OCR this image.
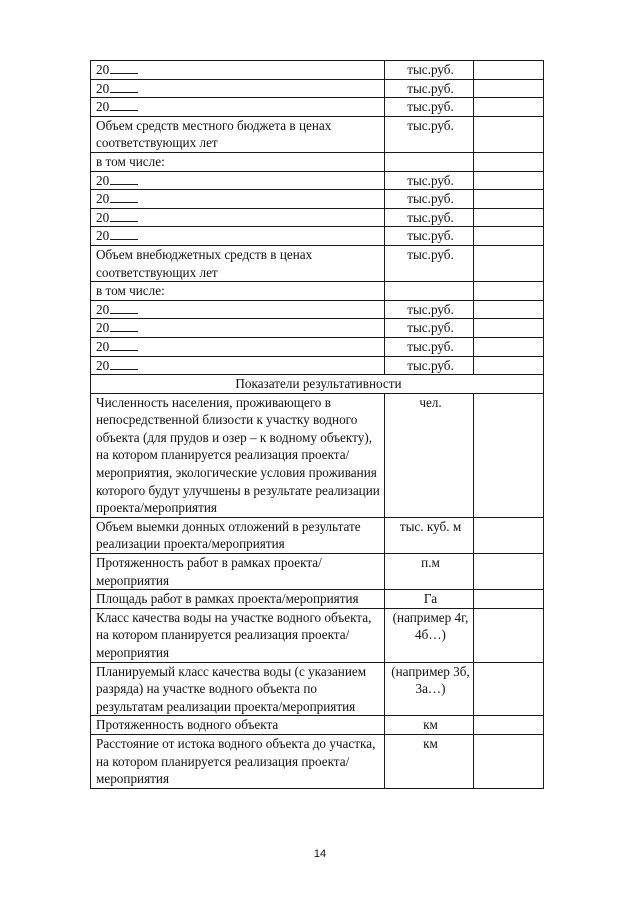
20	тыс.руб.	
20	тыс.руб.	
20	тыс.руб.	
Объем средств местного бюджета в ценах соответствующих лет	тыс.руб.	
в том числе:		
20	тыс.руб.	
20	тыс.руб.	
20	тыс.руб.	
20	тыс.руб.	
Объем внебюджетных средств в ценах соответствующих лет	тыс.руб.	
в том числе:		
20	тыс.руб.	
20	тыс.руб.	
20	тыс.руб.	
20	тыс.руб.	
Показатели результативности		
Численность населения, проживающего в непосредственной близости к участку водного объекта (для прудов и озер – к водному объекту), на котором планируется реализация проекта/мероприятия, экологические условия проживания которого будут улучшены в результате реализации проекта/мероприятия	чел.	
Объем выемки донных отложений в результате реализации проекта/мероприятия	тыс. куб. м	
Протяженность работ в рамках проекта/мероприятия	п.м	
Площадь работ в рамках проекта/мероприятия	Га	
Класс качества воды на участке водного объекта, на котором планируется реализация проекта/мероприятия	(например 4г, 4б…)	
Планируемый класс качества воды (с указанием разряда) на участке водного объекта по результатам реализации проекта/мероприятия	(например 3б, 3а…)	
Протяженность водного объекта	км	
Расстояние от истока водного объекта до участка, на котором планируется реализация проекта/мероприятия	км	
14
